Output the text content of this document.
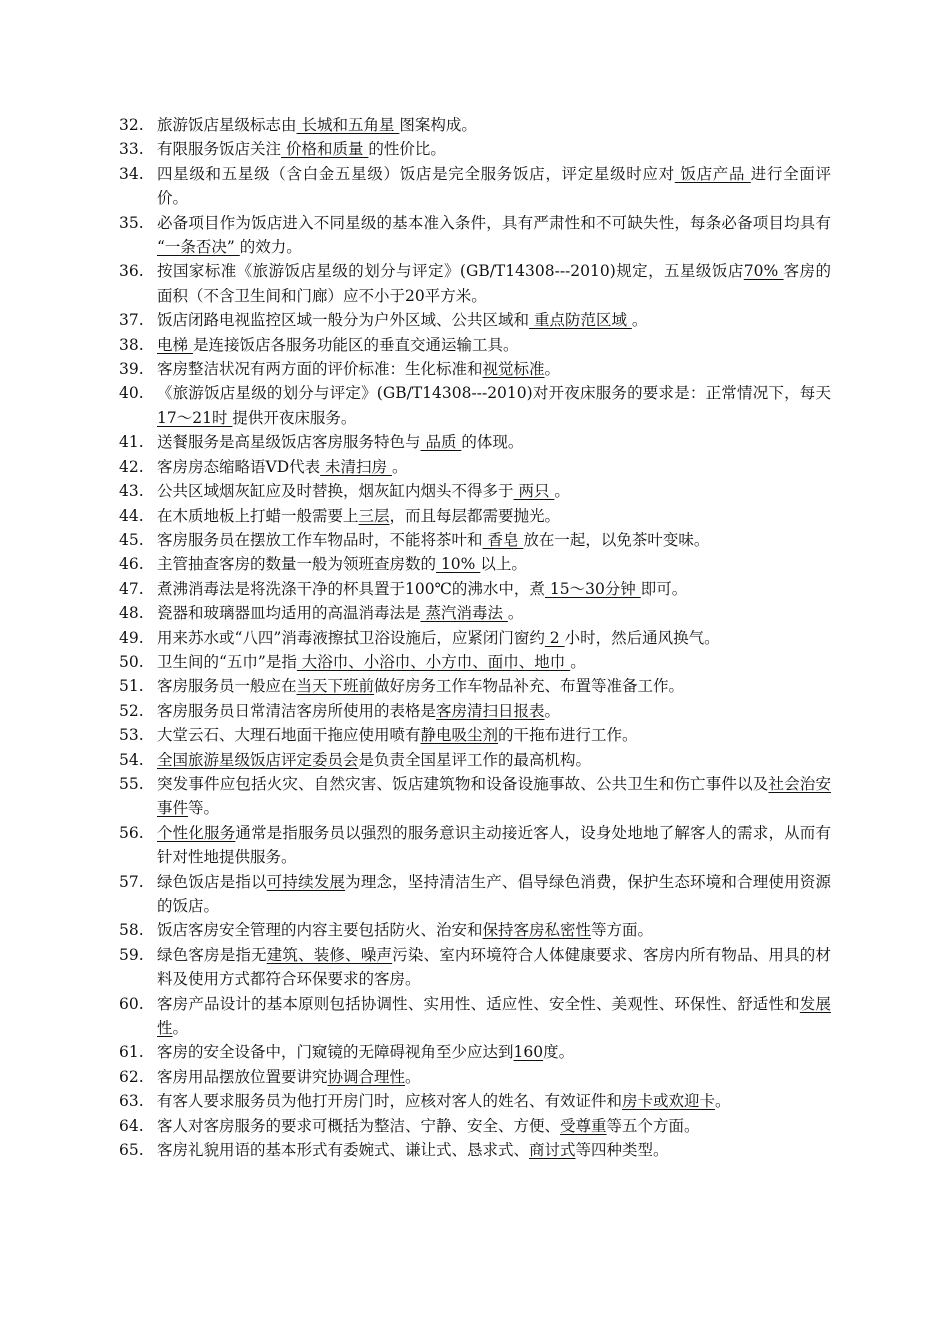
32. 旅游饭店星级标志由 长城和五角星 图案构成。
33. 有限服务饭店关注 价格和质量 的性价比。
34. 四星级和五星级（含白金五星级）饭店是完全服务饭店，评定星级时应对 饭店产品 进行全面评价。
35. 必备项目作为饭店进入不同星级的基本准入条件，具有严肃性和不可缺失性，每条必备项目均具有 “一条否决” 的效力。
36. 按国家标准《旅游饭店星级的划分与评定》(GB/T14308---2010)规定，五星级饭店70% 客房的面积（不含卫生间和门廊）应不小于20平方米。
37. 饭店闭路电视监控区域一般分为户外区域、公共区域和 重点防范区域 。
38. 电梯 是连接饭店各服务功能区的垂直交通运输工具。
39. 客房整洁状况有两方面的评价标准：生化标准和视觉标准。
40. 《旅游饭店星级的划分与评定》(GB/T14308---2010)对开夜床服务的要求是：正常情况下，每天 17～21时 提供开夜床服务。
41. 送餐服务是高星级饭店客房服务特色与 品质 的体现。
42. 客房房态缩略语VD代表 未清扫房 。
43. 公共区域烟灰缸应及时替换，烟灰缸内烟头不得多于 两只 。
44. 在木质地板上打蜡一般需要上三层，而且每层都需要抛光。
45. 客房服务员在摆放工作车物品时，不能将茶叶和 香皂 放在一起，以免茶叶变味。
46. 主管抽查客房的数量一般为领班查房数的 10% 以上。
47. 煮沸消毒法是将洗涤干净的杯具置于100℃的沸水中，煮 15～30分钟 即可。
48. 瓷器和玻璃器皿均适用的高温消毒法是 蒸汽消毒法 。
49. 用来苏水或“八四”消毒液擦拭卫浴设施后，应紧闭门窗约 2 小时，然后通风换气。
50. 卫生间的“五巾”是指 大浴巾、小浴巾、小方巾、面巾、地巾 。
51. 客房服务员一般应在当天下班前做好房务工作车物品补充、布置等准备工作。
52. 客房服务员日常清洁客房所使用的表格是客房清扫日报表。
53. 大堂云石、大理石地面干拖应使用喷有静电吸尘剂的干拖布进行工作。
54. 全国旅游星级饭店评定委员会是负责全国星评工作的最高机构。
55. 突发事件应包括火灾、自然灾害、饭店建筑物和设备设施事故、公共卫生和伤亡事件以及社会治安事件等。
56. 个性化服务通常是指服务员以强烈的服务意识主动接近客人，设身处地地了解客人的需求，从而有针对性地提供服务。
57. 绿色饭店是指以可持续发展为理念，坚持清洁生产、倡导绿色消费，保护生态环境和合理使用资源的饭店。
58. 饭店客房安全管理的内容主要包括防火、治安和保持客房私密性等方面。
59. 绿色客房是指无建筑、装修、噪声污染、室内环境符合人体健康要求、客房内所有物品、用具的材料及使用方式都符合环保要求的客房。
60. 客房产品设计的基本原则包括协调性、实用性、适应性、安全性、美观性、环保性、舒适性和发展性。
61. 客房的安全设备中，门窥镜的无障碍视角至少应达到160度。
62. 客房用品摆放位置要讲究协调合理性。
63. 有客人要求服务员为他打开房门时，应核对客人的姓名、有效证件和房卡或欢迎卡。
64. 客人对客房服务的要求可概括为整洁、宁静、安全、方便、受尊重等五个方面。
65. 客房礼貌用语的基本形式有委婉式、谦让式、恳求式、商讨式等四种类型。
